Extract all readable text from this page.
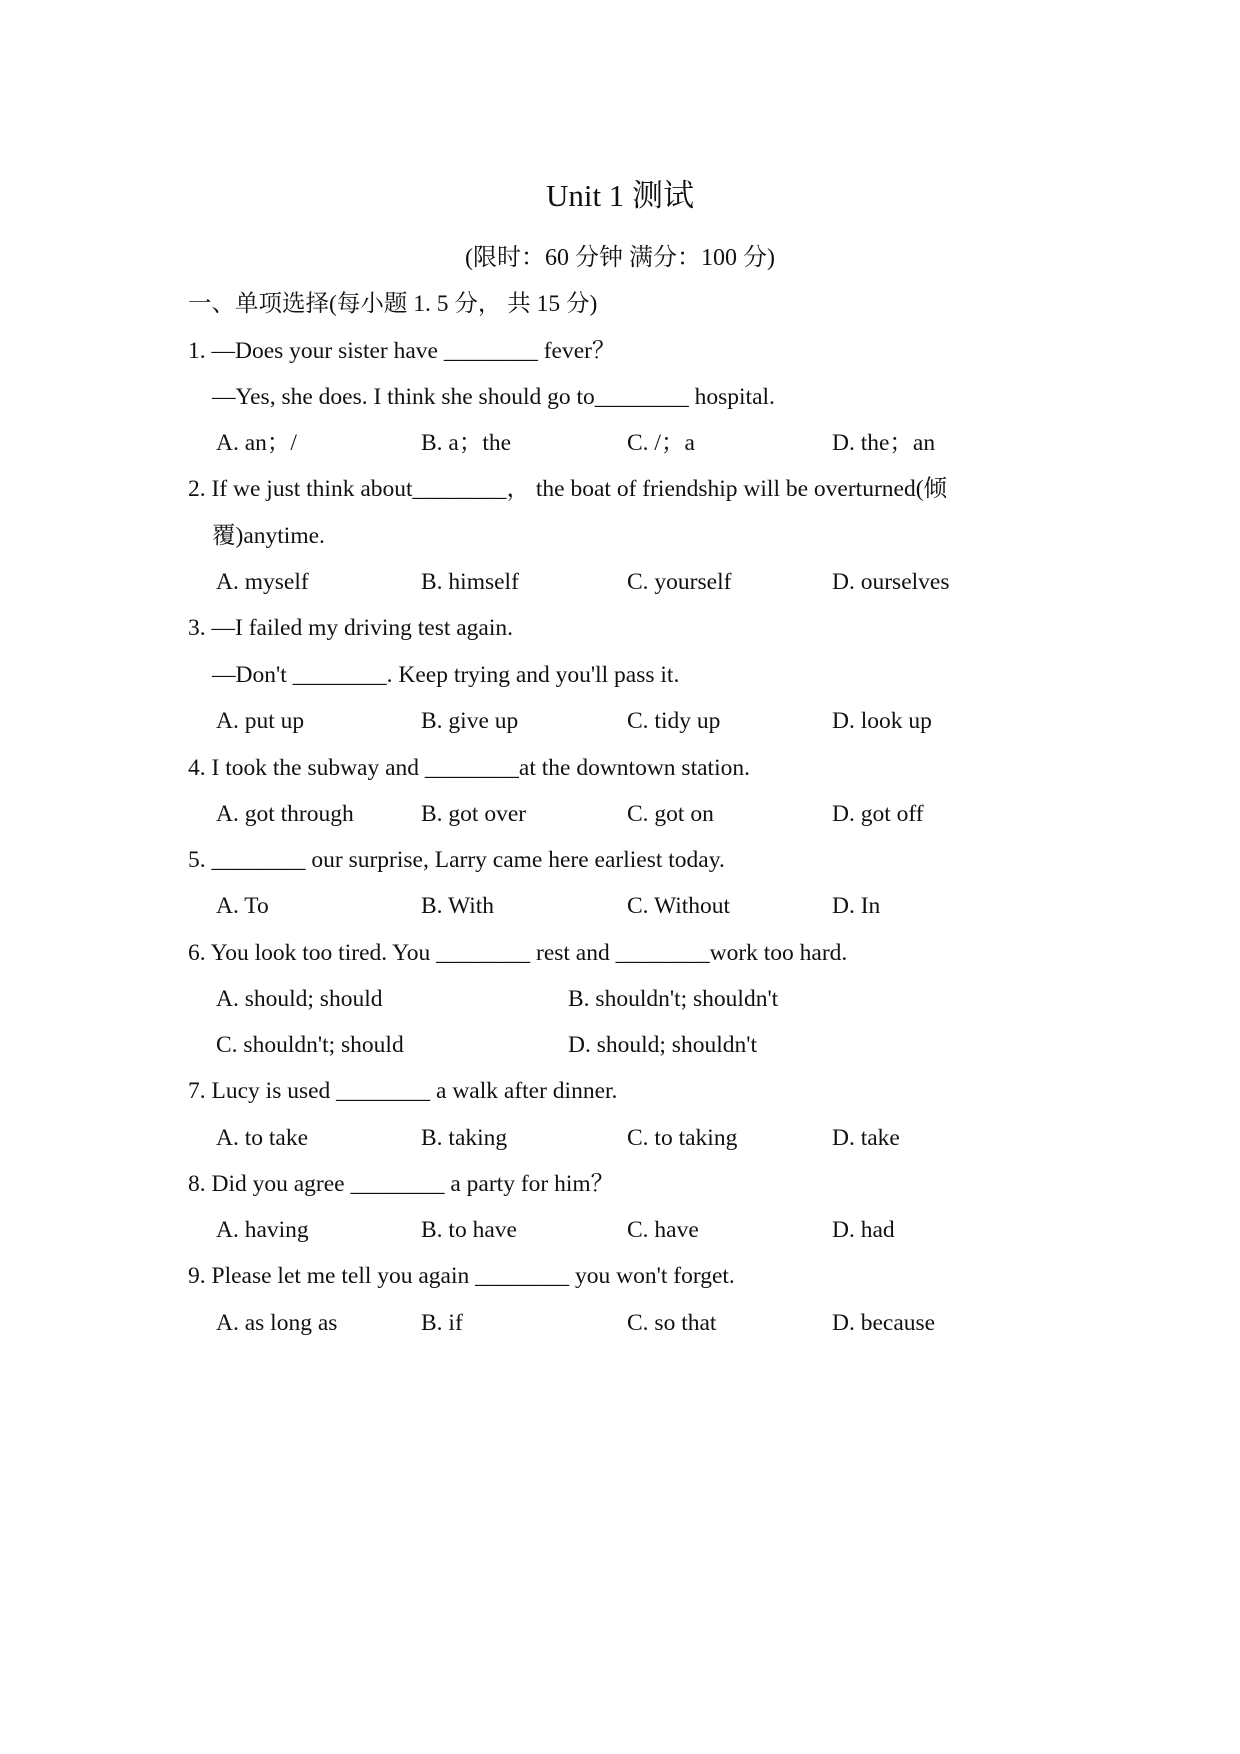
Unit 1 测试
(限时：60 分钟 满分：100 分)
一、单项选择(每小题 1. 5 分， 共 15 分)
1. —Does your sister have ________ fever？
—Yes, she does. I think she should go to________ hospital.
A. an；/	B. a；the	C. /；a	D. the；an
2. If we just think about________， the boat of friendship will be overturned(倾
覆)anytime.
A. myself	B. himself	C. yourself	D. ourselves
3. —I failed my driving test again.
—Don't ________. Keep trying and you'll pass it.
A. put up	B. give up	C. tidy up	D. look up
4. I took the subway and ________at the downtown station.
A. got through	B. got over	C. got on	D. got off
5. ________ our surprise, Larry came here earliest today.
A. To	B. With	C. Without	D. In
6. You look too tired. You ________ rest and ________work too hard.
A. should; should	B. shouldn't; shouldn't
C. shouldn't; should	D. should; shouldn't
7. Lucy is used ________ a walk after dinner.
A. to take	B. taking	C. to taking	D. take
8. Did you agree ________ a party for him？
A. having	B. to have	C. have	D. had
9. Please let me tell you again ________ you won't forget.
A. as long as	B. if	C. so that	D. because
